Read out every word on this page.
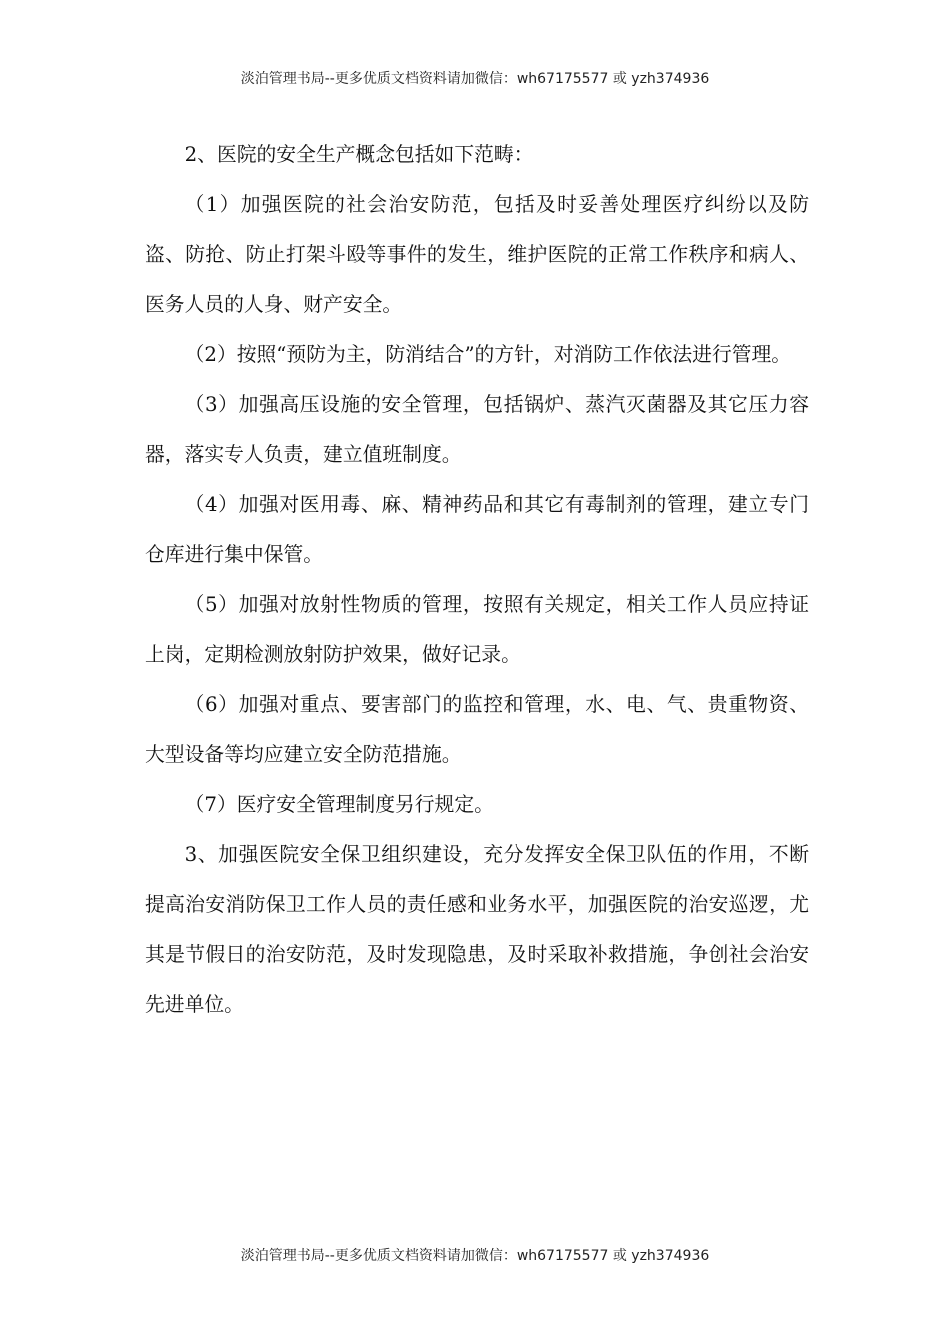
淡泊管理书局--更多优质文档资料请加微信：wh67175577 或 yzh374936

2、医院的安全生产概念包括如下范畴：

（1）加强医院的社会治安防范，包括及时妥善处理医疗纠纷以及防盗、防抢、防止打架斗殴等事件的发生，维护医院的正常工作秩序和病人、医务人员的人身、财产安全。

（2）按照“预防为主，防消结合”的方针，对消防工作依法进行管理。

（3）加强高压设施的安全管理，包括锅炉、蒸汽灭菌器及其它压力容器，落实专人负责，建立值班制度。

（4）加强对医用毒、麻、精神药品和其它有毒制剂的管理，建立专门仓库进行集中保管。

（5）加强对放射性物质的管理，按照有关规定，相关工作人员应持证上岗，定期检测放射防护效果，做好记录。

（6）加强对重点、要害部门的监控和管理，水、电、气、贵重物资、大型设备等均应建立安全防范措施。

（7）医疗安全管理制度另行规定。

3、加强医院安全保卫组织建设，充分发挥安全保卫队伍的作用，不断提高治安消防保卫工作人员的责任感和业务水平，加强医院的治安巡逻，尤其是节假日的治安防范，及时发现隐患，及时采取补救措施，争创社会治安先进单位。

淡泊管理书局--更多优质文档资料请加微信：wh67175577 或 yzh374936
